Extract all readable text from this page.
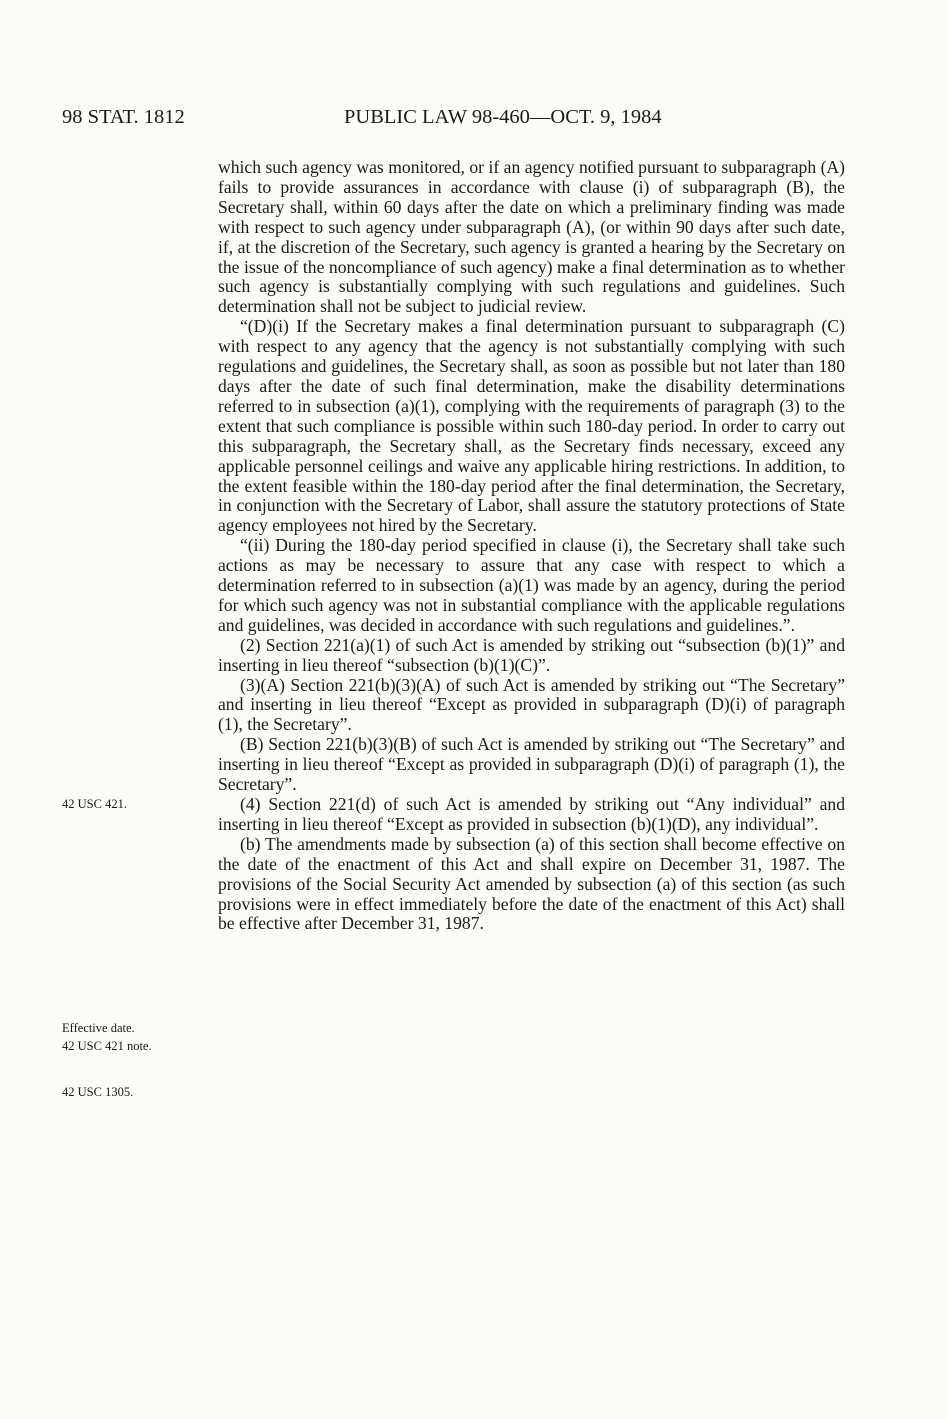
98 STAT. 1812	PUBLIC LAW 98-460—OCT. 9, 1984
42 USC 421.
Effective date.
42 USC 421 note.
42 USC 1305.

which such agency was monitored, or if an agency notified pursuant to subparagraph (A) fails to provide assurances in accordance with clause (i) of subparagraph (B), the Secretary shall, within 60 days after the date on which a preliminary finding was made with respect to such agency under subparagraph (A), (or within 90 days after such date, if, at the discretion of the Secretary, such agency is granted a hearing by the Secretary on the issue of the noncompliance of such agency) make a final determination as to whether such agency is substantially complying with such regulations and guidelines. Such determination shall not be subject to judicial review.

“(D)(i) If the Secretary makes a final determination pursuant to subparagraph (C) with respect to any agency that the agency is not substantially complying with such regulations and guidelines, the Secretary shall, as soon as possible but not later than 180 days after the date of such final determination, make the disability determinations referred to in subsection (a)(1), complying with the requirements of paragraph (3) to the extent that such compliance is possible within such 180-day period. In order to carry out this subparagraph, the Secretary shall, as the Secretary finds necessary, exceed any applicable personnel ceilings and waive any applicable hiring restrictions. In addition, to the extent feasible within the 180-day period after the final determination, the Secretary, in conjunction with the Secretary of Labor, shall assure the statutory protections of State agency employees not hired by the Secretary.

“(ii) During the 180-day period specified in clause (i), the Secretary shall take such actions as may be necessary to assure that any case with respect to which a determination referred to in subsection (a)(1) was made by an agency, during the period for which such agency was not in substantial compliance with the applicable regulations and guidelines, was decided in accordance with such regulations and guidelines.”.

(2) Section 221(a)(1) of such Act is amended by striking out “subsection (b)(1)” and inserting in lieu thereof “subsection (b)(1)(C)”.

(3)(A) Section 221(b)(3)(A) of such Act is amended by striking out “The Secretary” and inserting in lieu thereof “Except as provided in subparagraph (D)(i) of paragraph (1), the Secretary”.

(B) Section 221(b)(3)(B) of such Act is amended by striking out “The Secretary” and inserting in lieu thereof “Except as provided in subparagraph (D)(i) of paragraph (1), the Secretary”.

(4) Section 221(d) of such Act is amended by striking out “Any individual” and inserting in lieu thereof “Except as provided in subsection (b)(1)(D), any individual”.

(b) The amendments made by subsection (a) of this section shall become effective on the date of the enactment of this Act and shall expire on December 31, 1987. The provisions of the Social Security Act amended by subsection (a) of this section (as such provisions were in effect immediately before the date of the enactment of this Act) shall be effective after December 31, 1987.
